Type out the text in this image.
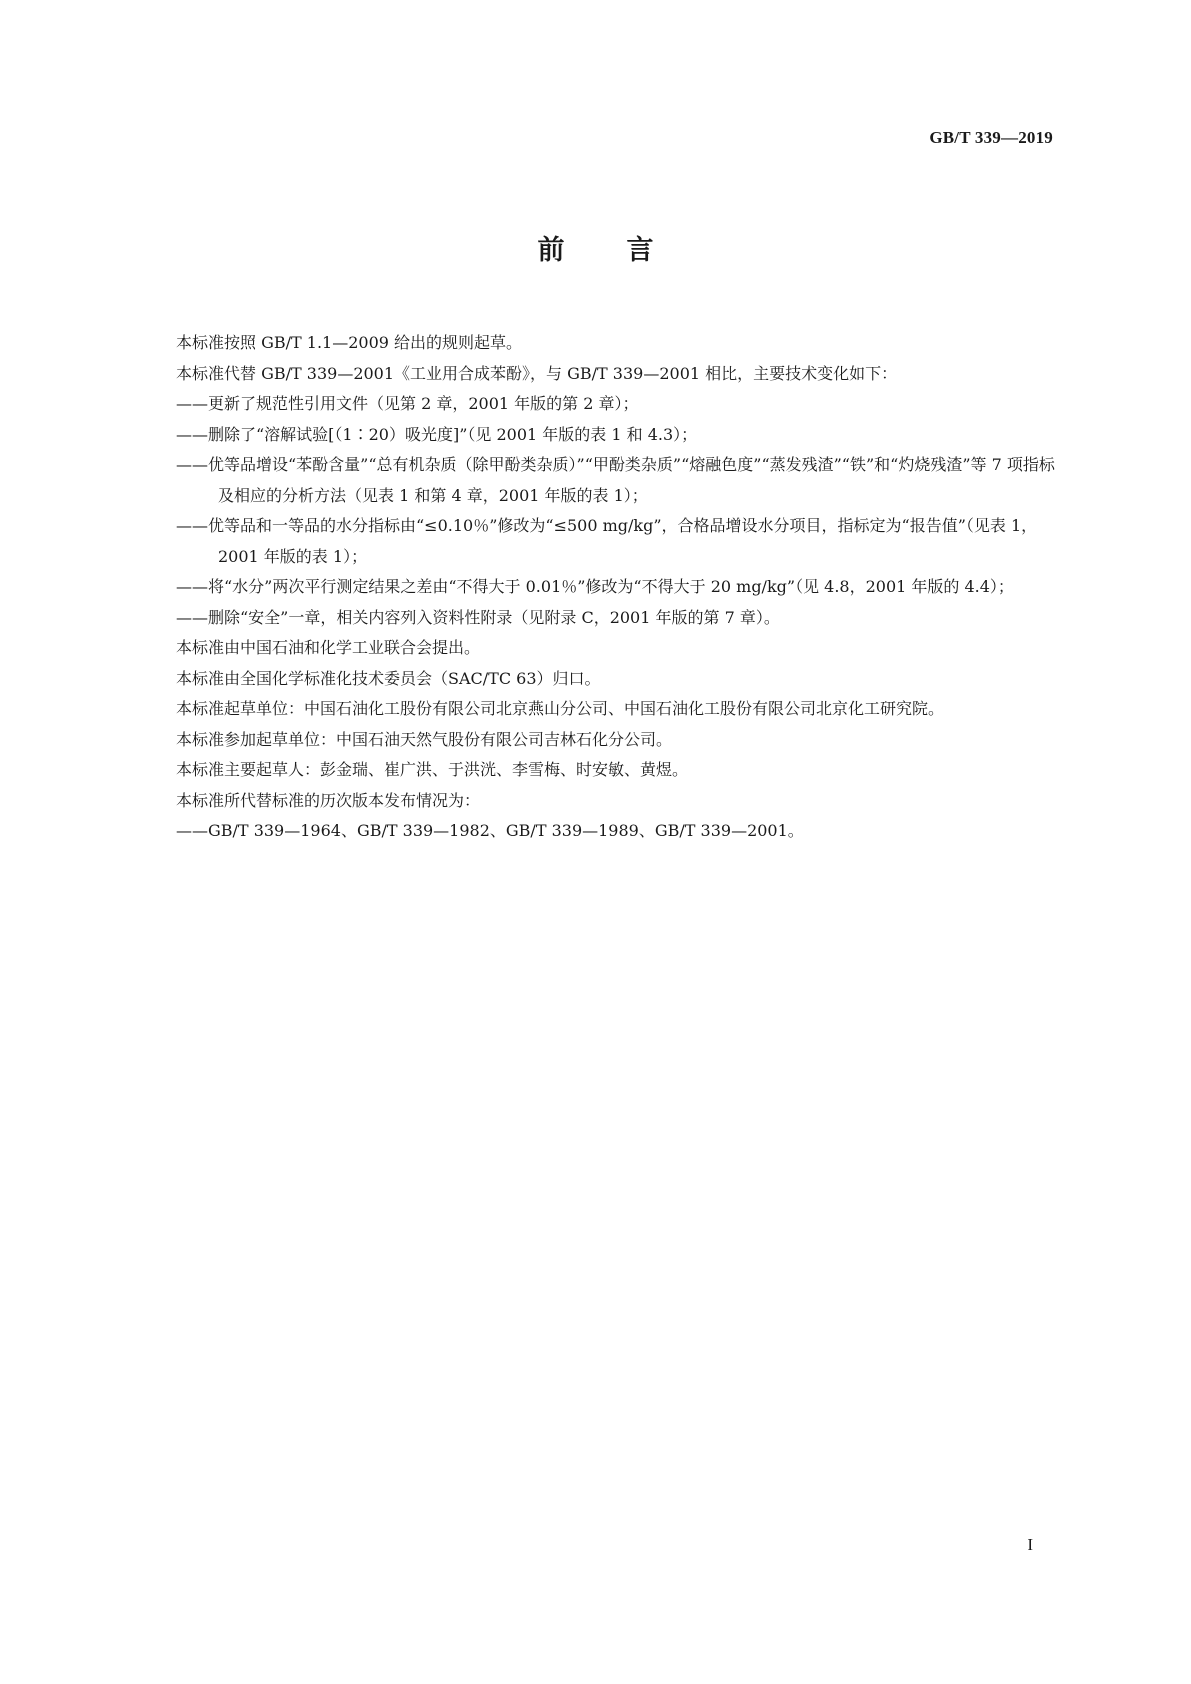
GB/T 339—2019
前言

本标准按照 GB/T 1.1—2009 给出的规则起草。

本标准代替 GB/T 339—2001《工业用合成苯酚》，与 GB/T 339—2001 相比，主要技术变化如下：

——更新了规范性引用文件（见第 2 章，2001 年版的第 2 章）；

——删除了“溶解试验[（1∶20）吸光度]”（见 2001 年版的表 1 和 4.3）；

——优等品增设“苯酚含量”“总有机杂质（除甲酚类杂质）”“甲酚类杂质”“熔融色度”“蒸发残渣”“铁”和“灼烧残渣”等 7 项指标及相应的分析方法（见表 1 和第 4 章，2001 年版的表 1）；

——优等品和一等品的水分指标由“≤0.10％”修改为“≤500 mg/kg”，合格品增设水分项目，指标定为“报告值”（见表 1，2001 年版的表 1）；

——将“水分”两次平行测定结果之差由“不得大于 0.01％”修改为“不得大于 20 mg/kg”（见 4.8，2001 年版的 4.4）；

——删除“安全”一章，相关内容列入资料性附录（见附录 C，2001 年版的第 7 章）。

本标准由中国石油和化学工业联合会提出。

本标准由全国化学标准化技术委员会（SAC/TC 63）归口。

本标准起草单位：中国石油化工股份有限公司北京燕山分公司、中国石油化工股份有限公司北京化工研究院。

本标准参加起草单位：中国石油天然气股份有限公司吉林石化分公司。

本标准主要起草人：彭金瑞、崔广洪、于洪洸、李雪梅、时安敏、黄煜。

本标准所代替标准的历次版本发布情况为：

——GB/T 339—1964、GB/T 339—1982、GB/T 339—1989、GB/T 339—2001。

I
